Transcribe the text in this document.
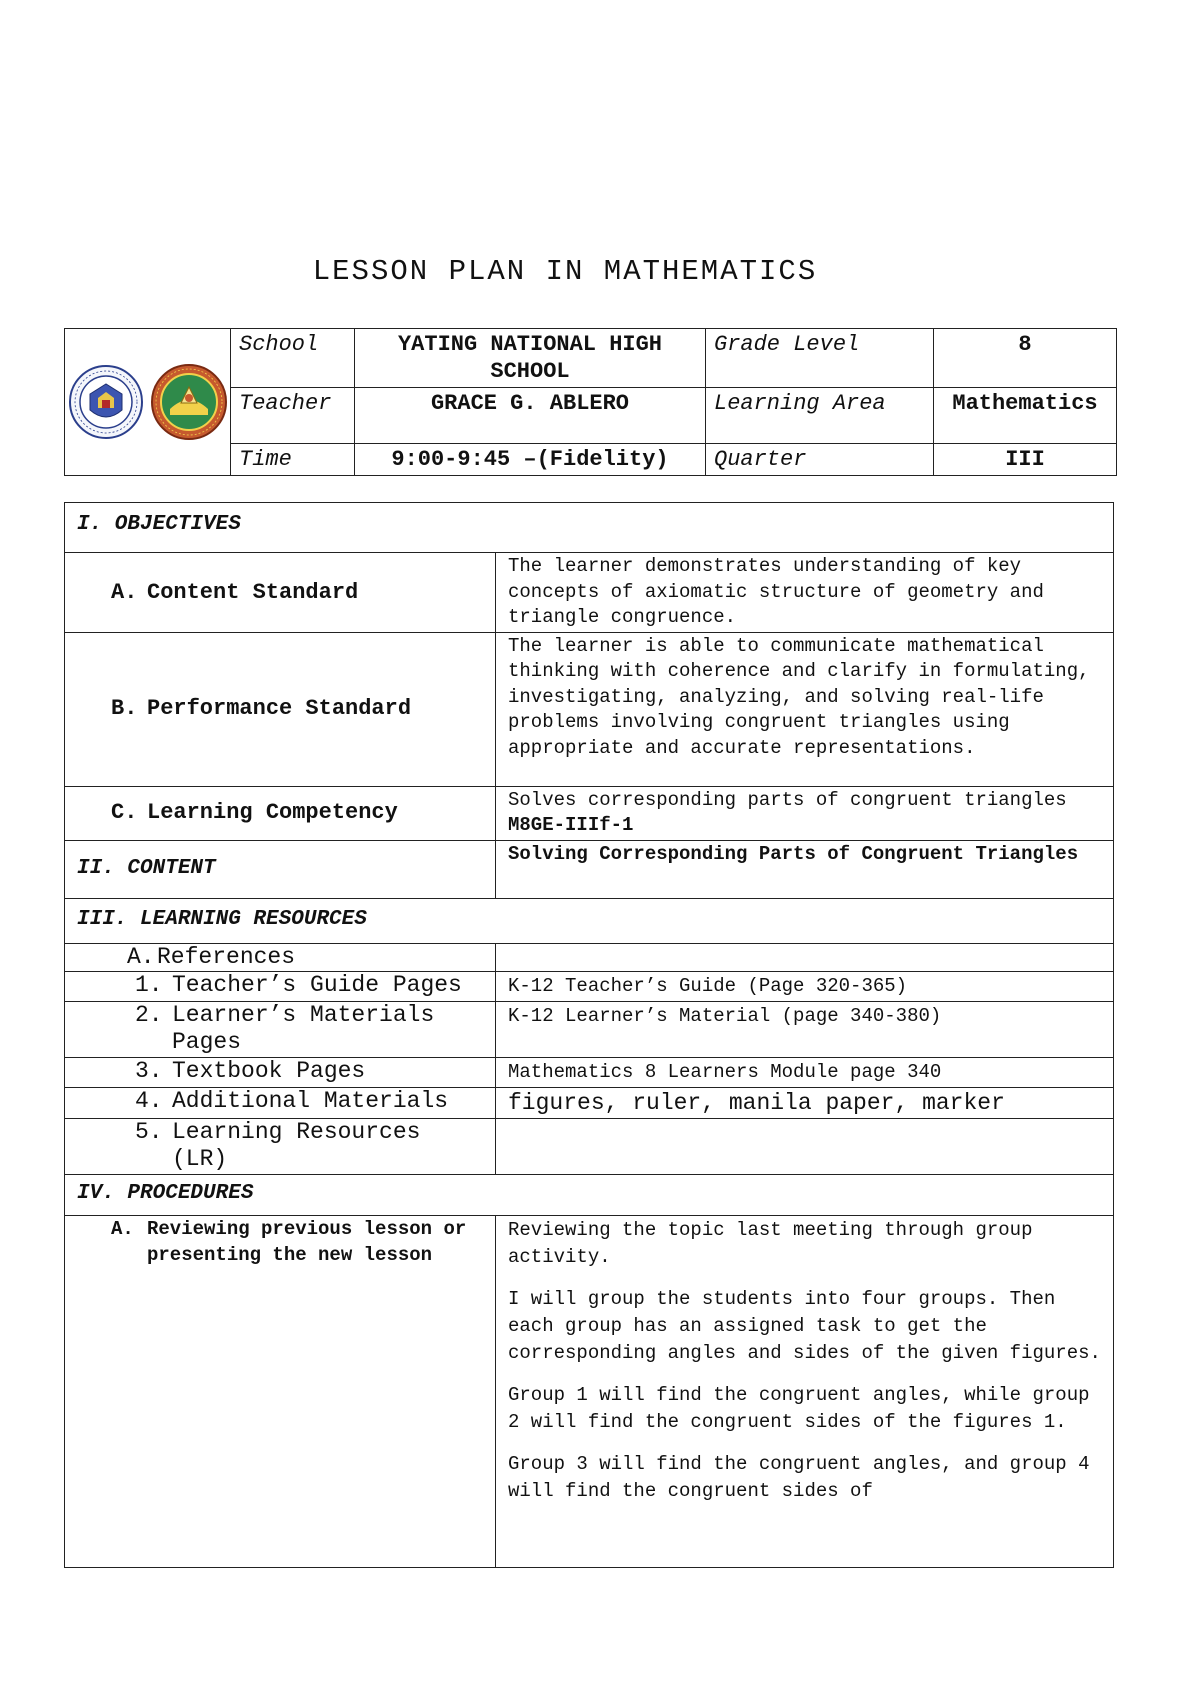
LESSON PLAN IN MATHEMATICS
	School	YATING NATIONAL HIGH SCHOOL	Grade Level	8
	Teacher	GRACE G. ABLERO	Learning Area	Mathematics
	Time	9:00-9:45 –(Fidelity)	Quarter	III
I. OBJECTIVES	
A. Content Standard	The learner demonstrates understanding of key concepts of axiomatic structure of geometry and triangle congruence.
B. Performance Standard	The learner is able to communicate mathematical thinking with coherence and clarify in formulating, investigating, analyzing, and solving real-life problems involving congruent triangles using appropriate and accurate representations.
C. Learning Competency	Solves corresponding parts of congruent triangles M8GE-IIIf-1
II. CONTENT	Solving Corresponding Parts of Congruent Triangles
III. LEARNING RESOURCES	
A. References	
1. Teacher’s Guide Pages	K-12 Teacher’s Guide (Page 320-365)
2. Learner’s Materials
Pages	K-12 Learner’s Material (page 340-380)
3. Textbook Pages	Mathematics 8 Learners Module page 340
4. Additional Materials	figures, ruler, manila paper, marker
5. Learning Resources
(LR)	

IV. PROCEDURES	
A. Reviewing previous lesson or presenting the new lesson	Reviewing the topic last meeting through group activity.

I will group the students into four groups. Then each group has an assigned task to get the corresponding angles and sides of the given figures.

Group 1 will find the congruent angles, while group 2 will find the congruent sides of the figures 1.

Group 3 will find the congruent angles, and group 4 will find the congruent sides of
